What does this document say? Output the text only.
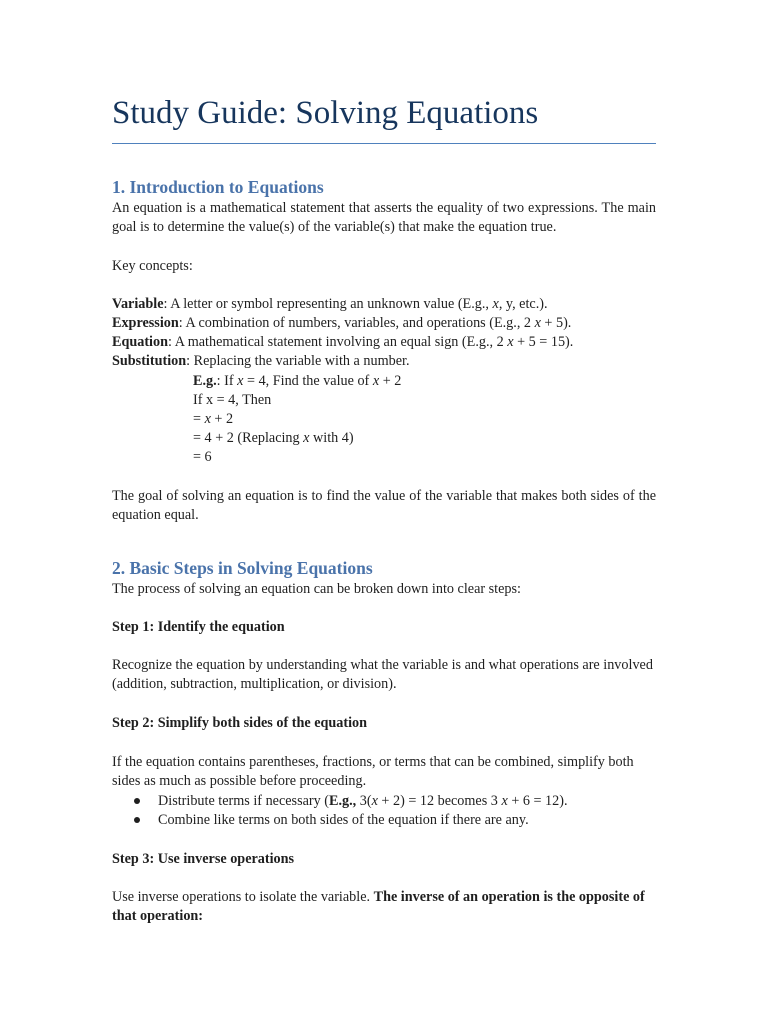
Study Guide: Solving Equations
1. Introduction to Equations

An equation is a mathematical statement that asserts the equality of two expressions. The main goal is to determine the value(s) of the variable(s) that make the equation true.

Key concepts:

Variable: A letter or symbol representing an unknown value (E.g., x, y, etc.).

Expression: A combination of numbers, variables, and operations (E.g., 2 x + 5).

Equation: A mathematical statement involving an equal sign (E.g., 2 x + 5 = 15).

Substitution: Replacing the variable with a number.

E.g.: If x = 4, Find the value of x + 2

If x = 4, Then

= x + 2

= 4 + 2 (Replacing x with 4)

= 6

The goal of solving an equation is to find the value of the variable that makes both sides of the equation equal.

2. Basic Steps in Solving Equations

The process of solving an equation can be broken down into clear steps:

Step 1: Identify the equation

Recognize the equation by understanding what the variable is and what operations are involved (addition, subtraction, multiplication, or division).

Step 2: Simplify both sides of the equation

If the equation contains parentheses, fractions, or terms that can be combined, simplify both sides as much as possible before proceeding.

Distribute terms if necessary (E.g., 3(x + 2) = 12 becomes 3 x + 6 = 12).
Combine like terms on both sides of the equation if there are any.

Step 3: Use inverse operations

Use inverse operations to isolate the variable. The inverse of an operation is the opposite of that operation:
